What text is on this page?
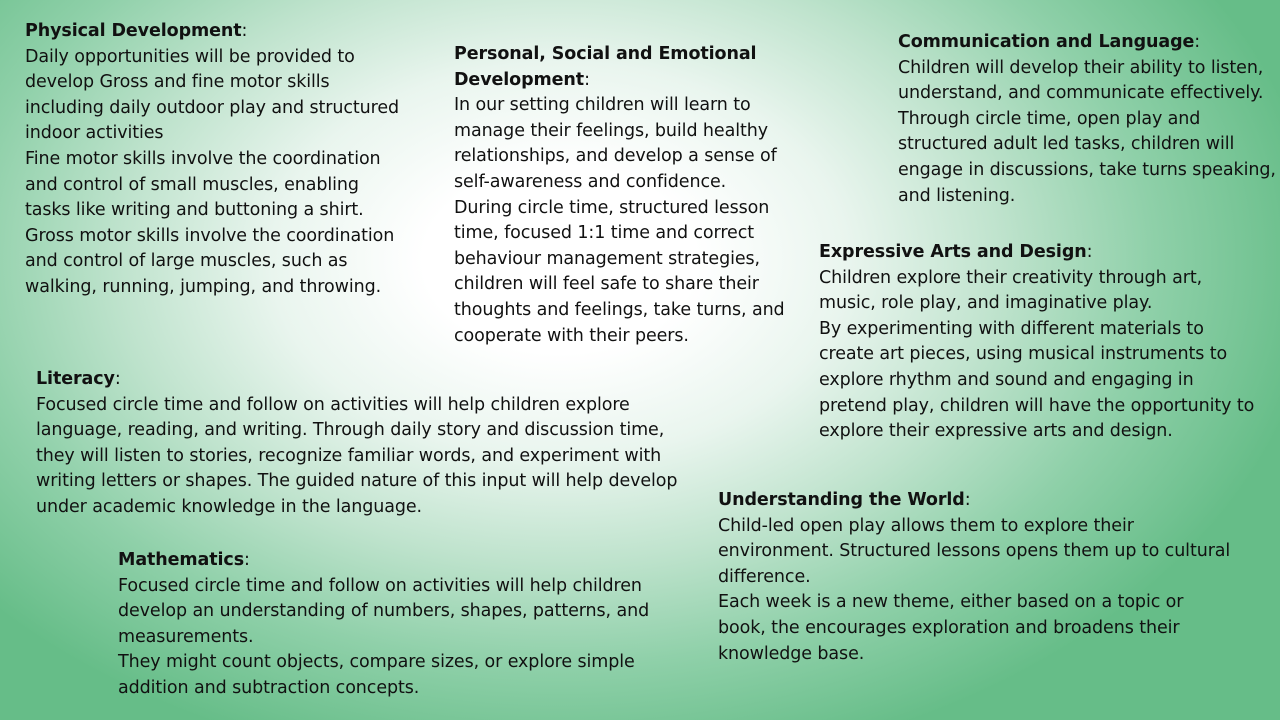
Physical Development:

Daily opportunities will be provided to

develop Gross and fine motor skills

including daily outdoor play and structured

indoor activities

Fine motor skills involve the coordination

and control of small muscles, enabling

tasks like writing and buttoning a shirt.

Gross motor skills involve the coordination

and control of large muscles, such as

walking, running, jumping, and throwing.

Personal, Social and Emotional

Development:

In our setting children will learn to

manage their feelings, build healthy

relationships, and develop a sense of

self-awareness and confidence.

During circle time, structured lesson

time, focused 1:1 time and correct

behaviour management strategies,

children will feel safe to share their

thoughts and feelings, take turns, and

cooperate with their peers.

Communication and Language:

Children will develop their ability to listen,

understand, and communicate effectively.

Through circle time, open play and

structured adult led tasks, children will

engage in discussions, take turns speaking,

and listening.

Expressive Arts and Design:

Children explore their creativity through art,

music, role play, and imaginative play.

By experimenting with different materials to

create art pieces, using musical instruments to

explore rhythm and sound and engaging in

pretend play, children will have the opportunity to

explore their expressive arts and design.

Literacy:

Focused circle time and follow on activities will help children explore

language, reading, and writing. Through daily story and discussion time,

they will listen to stories, recognize familiar words, and experiment with

writing letters or shapes. The guided nature of this input will help develop

under academic knowledge in the language.	Understanding the World:

Child-led open play allows them to explore their

environment. Structured lessons opens them up to cultural

difference.

Each week is a new theme, either based on a topic or

book, the encourages exploration and broadens their

knowledge base.

Mathematics:

Focused circle time and follow on activities will help children

develop an understanding of numbers, shapes, patterns, and

measurements.

They might count objects, compare sizes, or explore simple

addition and subtraction concepts.
